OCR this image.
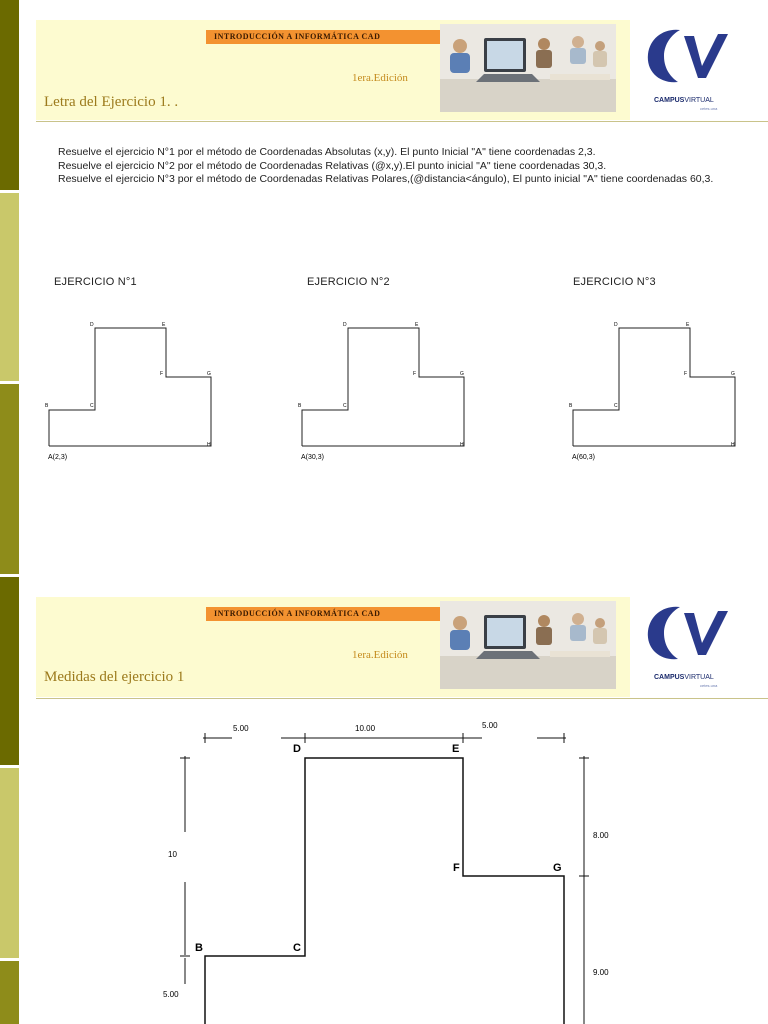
INTRODUCCIÓN A INFORMÁTICA CAD
1era.Edición
Letra del Ejercicio 1. .	CAMPUSVIRTUAL
cetes.una

Resuelve el ejercicio N°1 por el método de Coordenadas Absolutas (x,y). El punto Inicial "A" tiene coordenadas 2,3.

Resuelve el ejercicio N°2 por el método de Coordenadas Relativas (@x,y).El punto inicial "A" tiene coordenadas 30,3.

Resuelve el ejercicio N°3 por el método de Coordenadas Relativas Polares,(@distancia<ángulo), El punto inicial "A" tiene coordenadas 60,3.

EJERCICIO N°1	EJERCICIO N°2	EJERCICIO N°3
B	C
D	E
F	G
H
A(2,3)
B	C
D	E
F	G
H
A(30,3)
B	C
D	E
F	G
H
A(60,3)
INTRODUCCIÓN A INFORMÁTICA CAD
1era.Edición
Medidas del ejercicio 1	CAMPUSVIRTUAL
cetes.una
5.00	10.00	5.00
10
5.00
8.00
9.00
B	C
D	E
F	G
